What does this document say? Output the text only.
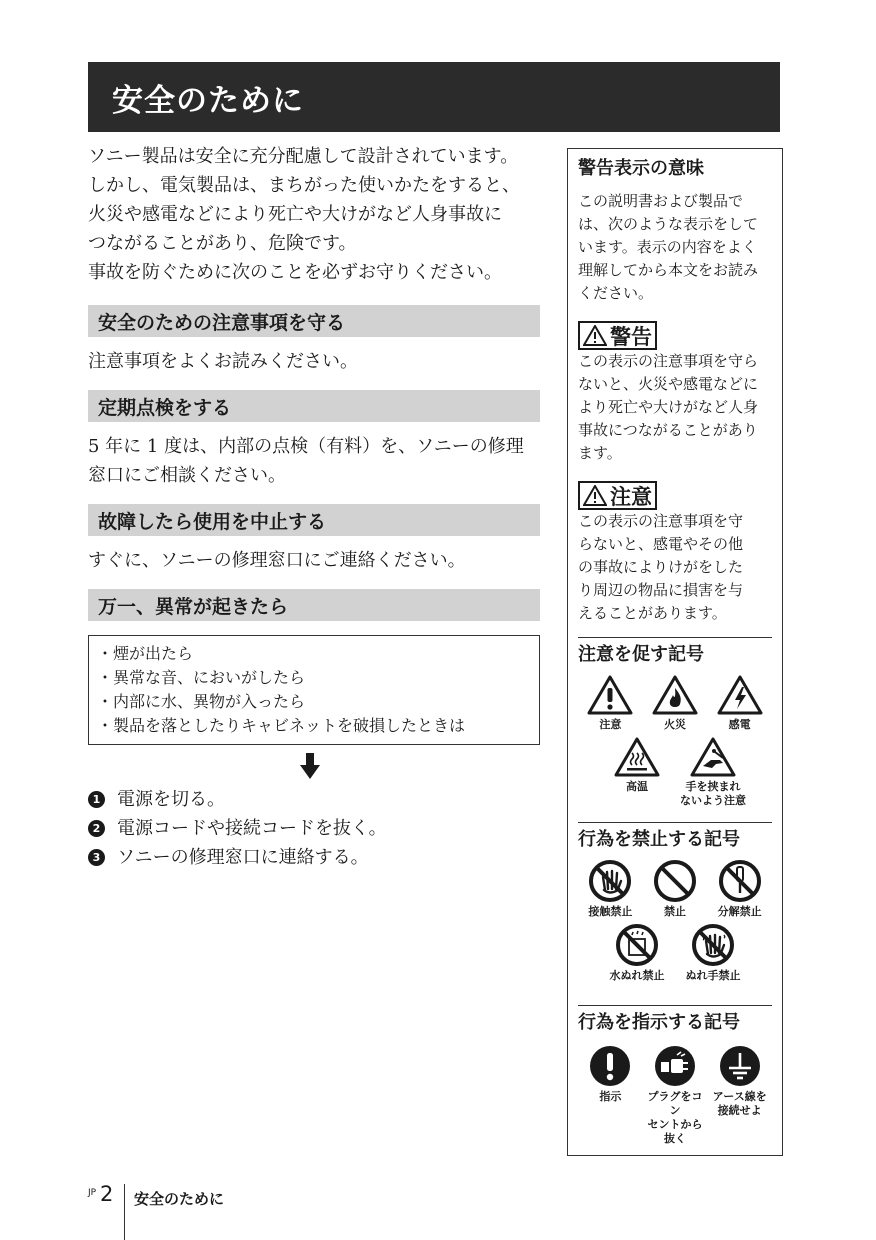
安全のために

ソニー製品は安全に充分配慮して設計されています。

しかし、電気製品は、まちがった使いかたをすると、

火災や感電などにより死亡や大けがなど人身事故に

つながることがあり、危険です。

事故を防ぐために次のことを必ずお守りください。

安全のための注意事項を守る

注意事項をよくお読みください。

定期点検をする

5 年に 1 度は、内部の点検（有料）を、ソニーの修理

窓口にご相談ください。

故障したら使用を中止する

すぐに、ソニーの修理窓口にご連絡ください。

万一、異常が起きたら
・煙が出たら
・異常な音、においがしたら
・内部に水、異物が入ったら
・製品を落としたりキャビネットを破損したときは
1 電源を切る。
2 電源コードや接続コードを抜く。
3 ソニーの修理窓口に連絡する。
警告表示の意味
この説明書および製品で
は、次のような表示をして
います。表示の内容をよく
理解してから本文をお読み
ください。
警告
この表示の注意事項を守ら
ないと、火災や感電などに
より死亡や大けがなど人身
事故につながることがあり
ます。
注意
この表示の注意事項を守
らないと、感電やその他
の事故によりけがをした
り周辺の物品に損害を与
えることがあります。
注意を促す記号
注意	火災	感電
高温	手を挟まれ
ないよう注意
行為を禁止する記号
接触禁止	禁止	分解禁止
水ぬれ禁止 ぬれ手禁止
行為を指示する記号
指示	プラグをコン
セントから抜く
アース線を
接続せよ
JP 2 安全のために
